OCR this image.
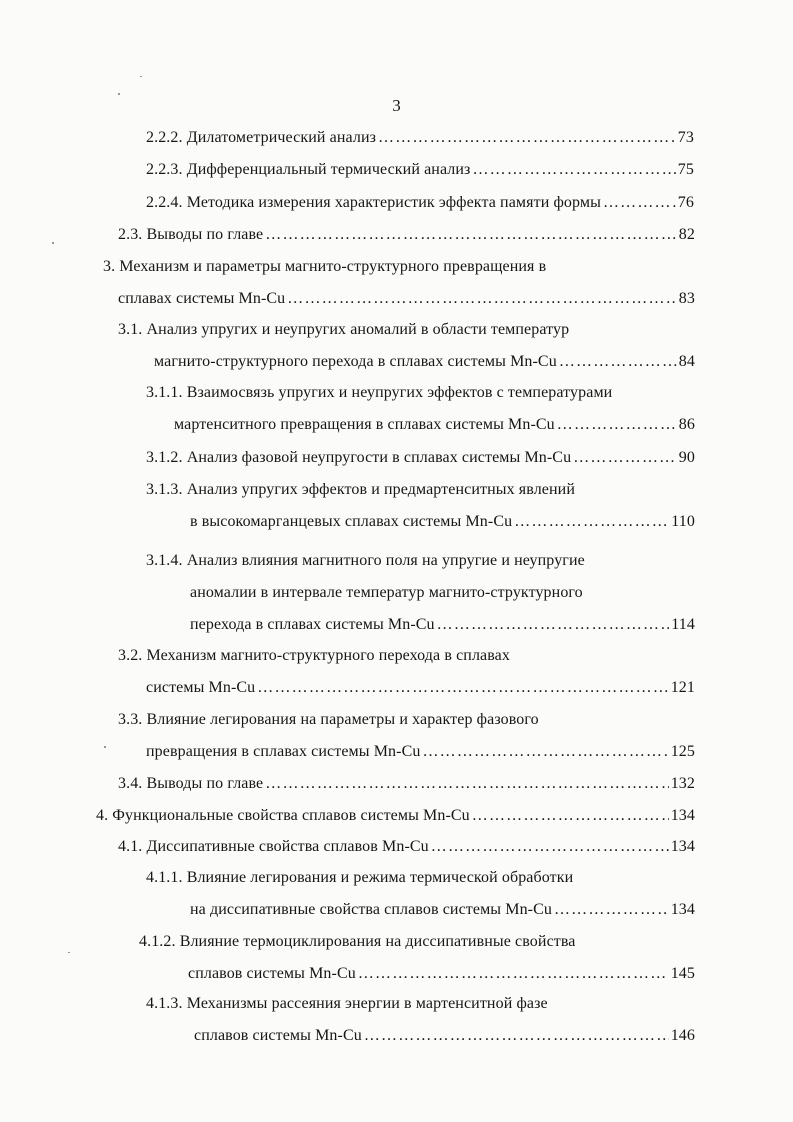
3
2.2.2. Дилатометрический анализ ……………………………………………………………………………………………………………………………………………………………………	73
2.2.3. Дифференциальный термический анализ ……………………………………………………………………………………………………………………………………………………………………	75
2.2.4. Методика измерения характеристик эффекта памяти формы ……………………………………………………………………………………………………………………………………………………………………	76
2.3. Выводы по главе ……………………………………………………………………………………………………………………………………………………………………	82
3. Механизм и параметры магнито-структурного превращения в
сплавах системы Mn-Cu ……………………………………………………………………………………………………………………………………………………………………	83
3.1. Анализ упругих и неупругих аномалий в области температур
магнито-структурного перехода в сплавах системы Mn-Cu ……………………………………………………………………………………………………………………………………………………………………	84
3.1.1. Взаимосвязь упругих и неупругих эффектов с температурами
мартенситного превращения в сплавах системы Mn-Cu ……………………………………………………………………………………………………………………………………………………………………	86
3.1.2. Анализ фазовой неупругости в сплавах системы Mn-Cu ……………………………………………………………………………………………………………………………………………………………………	90
3.1.3. Анализ упругих эффектов и предмартенситных явлений
в высокомарганцевых сплавах системы Mn-Cu ……………………………………………………………………………………………………………………………………………………………………	110
3.1.4. Анализ влияния магнитного поля на упругие и неупругие
аномалии в интервале температур магнито-структурного
перехода в сплавах системы Mn-Cu ……………………………………………………………………………………………………………………………………………………………………	114
3.2. Механизм магнито-структурного перехода в сплавах
системы Mn-Cu ……………………………………………………………………………………………………………………………………………………………………	121
3.3. Влияние легирования на параметры и характер фазового
превращения в сплавах системы Mn-Cu ……………………………………………………………………………………………………………………………………………………………………	125
3.4. Выводы по главе ……………………………………………………………………………………………………………………………………………………………………	132
4. Функциональные свойства сплавов системы Mn-Cu ……………………………………………………………………………………………………………………………………………………………………	134
4.1. Диссипативные свойства сплавов Mn-Cu ……………………………………………………………………………………………………………………………………………………………………	134
4.1.1. Влияние легирования и режима термической обработки
на диссипативные свойства сплавов системы Mn-Cu ……………………………………………………………………………………………………………………………………………………………………	134
4.1.2. Влияние термоциклирования на диссипативные свойства
сплавов системы Mn-Cu ……………………………………………………………………………………………………………………………………………………………………	145
4.1.3. Механизмы рассеяния энергии в мартенситной фазе
сплавов системы Mn-Cu ……………………………………………………………………………………………………………………………………………………………………	146
